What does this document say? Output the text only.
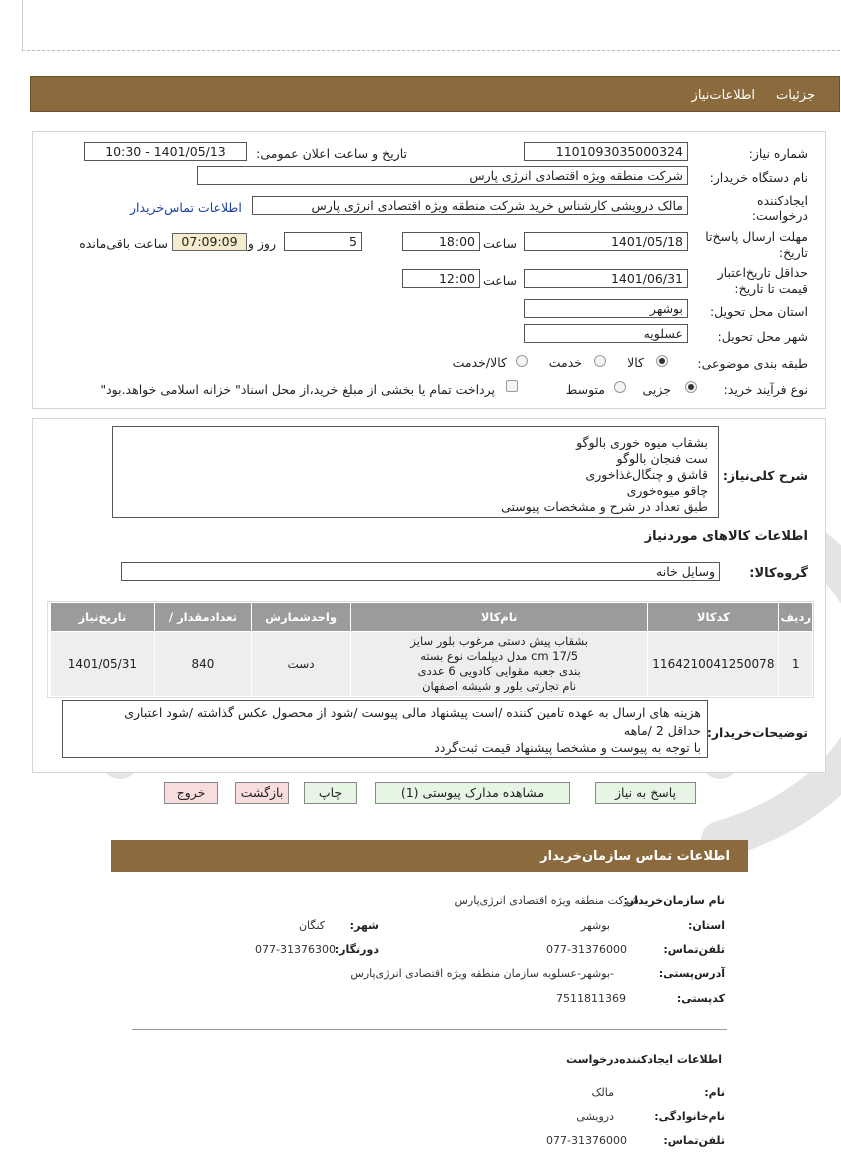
جزئیات
اطلاعات‌نیاز
شماره نیاز:
1101093035000324
تاریخ و ساعت اعلان عمومی:
1401/05/13 - 10:30
نام دستگاه خریدار:
شرکت منطقه ویژه اقتصادی انرژی پارس
ایجادکننده
درخواست:
مالک درویشی کارشناس خرید شرکت منطقه ویژه اقتصادی انرژی پارس
اطلاعات تماس‌خریدار
مهلت ارسال پاسخ‌تا
تاریخ:
1401/05/18
ساعت
18:00
5
روز و
07:09:09
ساعت باقی‌مانده
حداقل تاریخ‌اعتبار
قیمت تا تاریخ:
1401/06/31
ساعت
12:00
استان محل تحویل:
بوشهر
شهر محل تحویل:
عسلویه
طبقه بندی موضوعی:
کالا
خدمت
کالا/خدمت
نوع فرآیند خرید:
جزیی
متوسط
پرداخت تمام یا بخشی از مبلغ خرید،از محل اسناد" خزانه اسلامی خواهد.بود"
شرح کلی‌نیاز:
بشقاب میوه خوری بالوگو
ست فنجان بالوگو
قاشق و چنگال‌غذاخوری
چاقو میوه‌خوری
طبق تعداد در شرح و مشخصات پیوستی
اطلاعات کالاهای موردنیاز
گروه‌کالا:
وسایل خانه
ردیف	کدکالا	نام‌کالا	واحدشمارش	تعدادمقدار /	تاریخ‌نیاز
1	1164210041250078	بشقاب پیش دستی مرغوب بلور سایز
17/5 cm مدل دیپلمات نوع بسته
بندی جعبه مقوایی کادویی 6 عددی
نام تجارتی بلور و شیشه اصفهان	دست	840	1401/05/31
توضیحات‌خریدار:
هزینه های ارسال به عهده تامین کننده /است پیشنهاد مالی پیوست /شود از محصول عکس گذاشته /شود اعتباری
حداقل 2 /ماهه
با توجه به پیوست و مشخصا پیشنهاد قیمت ثبت‌گردد
پاسخ به نیاز
مشاهده مدارک پیوستی (1)
چاپ
بازگشت
خروج
اطلاعات تماس سازمان‌خریدار
نام سازمان‌خریدار:
شرکت منطقه ویژه اقتصادی انرژی‌پارس
استان:
بوشهر
شهر:
کنگان
تلفن‌تماس:
077-31376000
دورنگار:
077-31376300
آدرس‌پستی:
-بوشهر-عسلویه سازمان منطقه ویژه اقتصادی انرژی‌پارس
کدپستی:
7511811369
اطلاعات ایجادکننده‌درخواست
نام:
مالک
نام‌خانوادگی:
درویشی
تلفن‌تماس:
077-31376000
